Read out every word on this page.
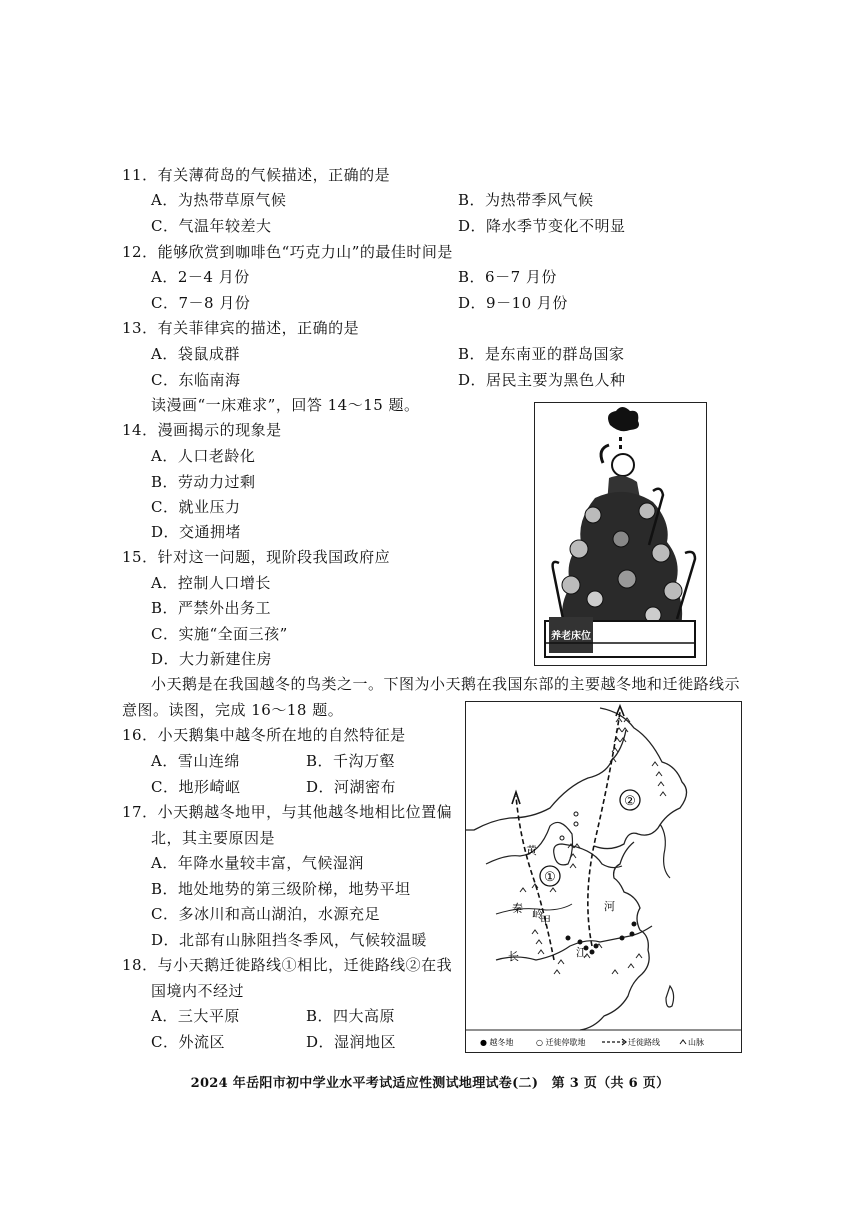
11．有关薄荷岛的气候描述，正确的是
A．为热带草原气候	B．为热带季风气候
C．气温年较差大	D．降水季节变化不明显
12．能够欣赏到咖啡色“巧克力山”的最佳时间是
A．2－4 月份	B．6－7 月份
C．7－8 月份	D．9－10 月份
13．有关菲律宾的描述，正确的是
A．袋鼠成群	B．是东南亚的群岛国家
C．东临南海	D．居民主要为黑色人种
读漫画“一床难求”，回答 14～15 题。
14．漫画揭示的现象是
A．人口老龄化
B．劳动力过剩
C．就业压力
D．交通拥堵
15．针对这一问题，现阶段我国政府应
A．控制人口增长
B．严禁外出务工
C．实施“全面三孩”
D．大力新建住房
养老床位
小天鹅是在我国越冬的鸟类之一。下图为小天鹅在我国东部的主要越冬地和迁徙路线示
意图。读图，完成 16～18 题。
16．小天鹅集中越冬所在地的自然特征是
A．雪山连绵	B．千沟万壑
C．地形崎岖	D．河湖密布
17．小天鹅越冬地甲，与其他越冬地相比位置偏
北，其主要原因是
A．年降水量较丰富，气候湿润
B．地处地势的第三级阶梯，地势平坦
C．多冰川和高山湖泊，水源充足
D．北部有山脉阻挡冬季风，气候较温暖
18．与小天鹅迁徙路线①相比，迁徙路线②在我
国境内不经过
A．三大平原	B．四大高原
C．外流区	D．湿润地区
①
②
黄
河
秦 岭
甲
长	江
● 越冬地	○ 迁徙停歇地	迁徙路线	山脉
2024 年岳阳市初中学业水平考试适应性测试地理试卷(二)　第 3 页（共 6 页）
